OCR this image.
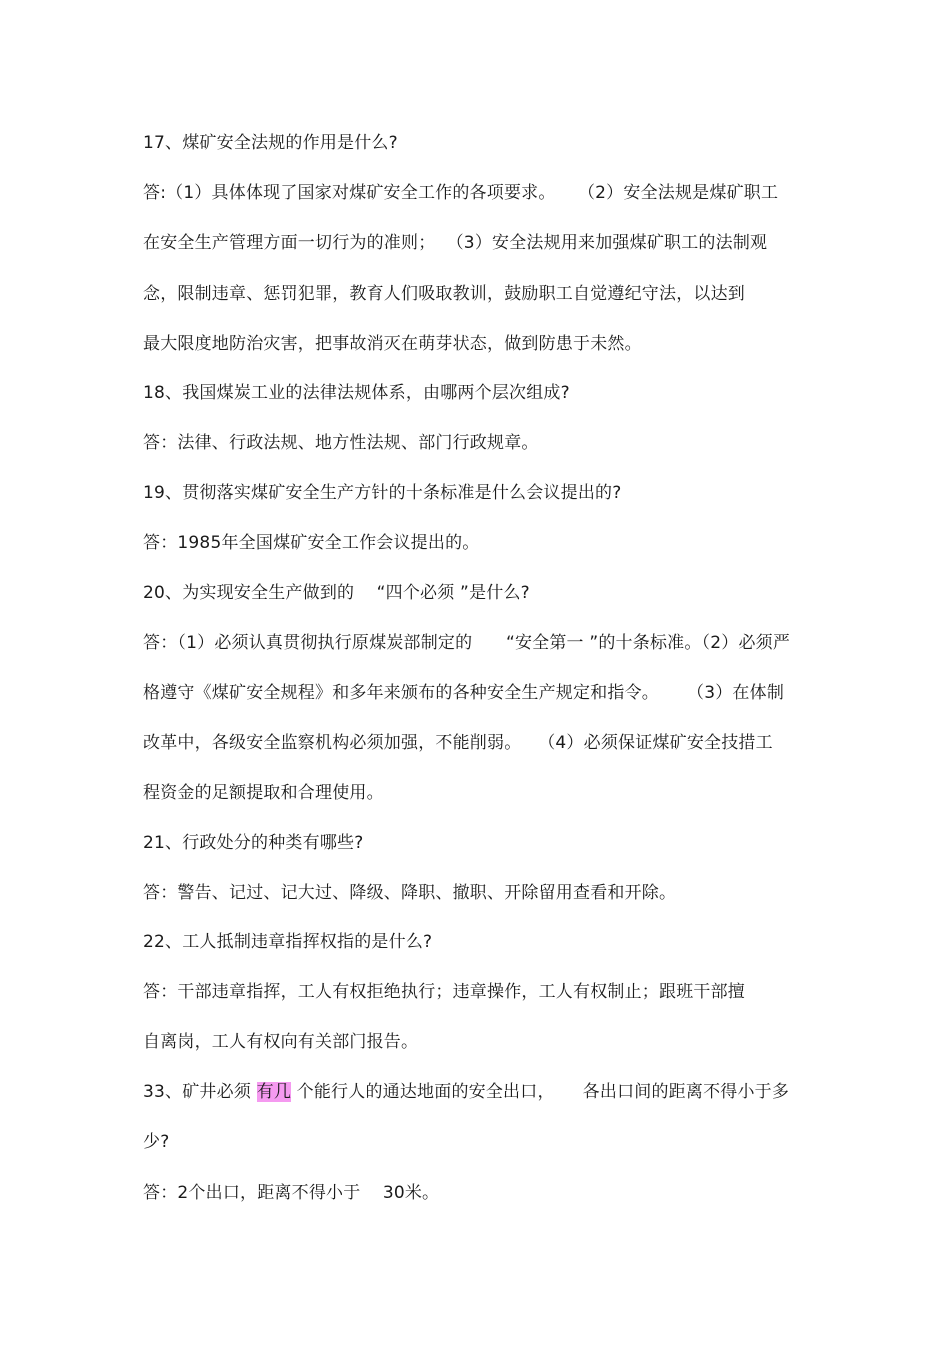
17、煤矿安全法规的作用是什么?
答:（1）具体体现了国家对煤矿安全工作的各项要求。    （2）安全法规是煤矿职工
在安全生产管理方面一切行为的准则；  （3）安全法规用来加强煤矿职工的法制观
念，限制违章、惩罚犯罪，教育人们吸取教训，鼓励职工自觉遵纪守法，以达到
最大限度地防治灾害，把事故消灭在萌芽状态，做到防患于未然。
18、我国煤炭工业的法律法规体系，由哪两个层次组成?
答：法律、行政法规、地方性法规、部门行政规章。
19、贯彻落实煤矿安全生产方针的十条标准是什么会议提出的?
答：1985年全国煤矿安全工作会议提出的。
20、为实现安全生产做到的    “四个必须 ”是什么?
答：（1）必须认真贯彻执行原煤炭部制定的      “安全第一 ”的十条标准。（2）必须严
格遵守《煤矿安全规程》和多年来颁布的各种安全生产规定和指令。     （3）在体制
改革中，各级安全监察机构必须加强，不能削弱。   （4）必须保证煤矿安全技措工
程资金的足额提取和合理使用。
21、行政处分的种类有哪些?
答：警告、记过、记大过、降级、降职、撤职、开除留用查看和开除。
22、工人抵制违章指挥权指的是什么?
答：干部违章指挥，工人有权拒绝执行；违章操作，工人有权制止；跟班干部擅
自离岗，工人有权向有关部门报告。
33、矿井必须 有几 个能行人的通达地面的安全出口，     各出口间的距离不得小于多
少?
答：2个出口，距离不得小于    30米。
